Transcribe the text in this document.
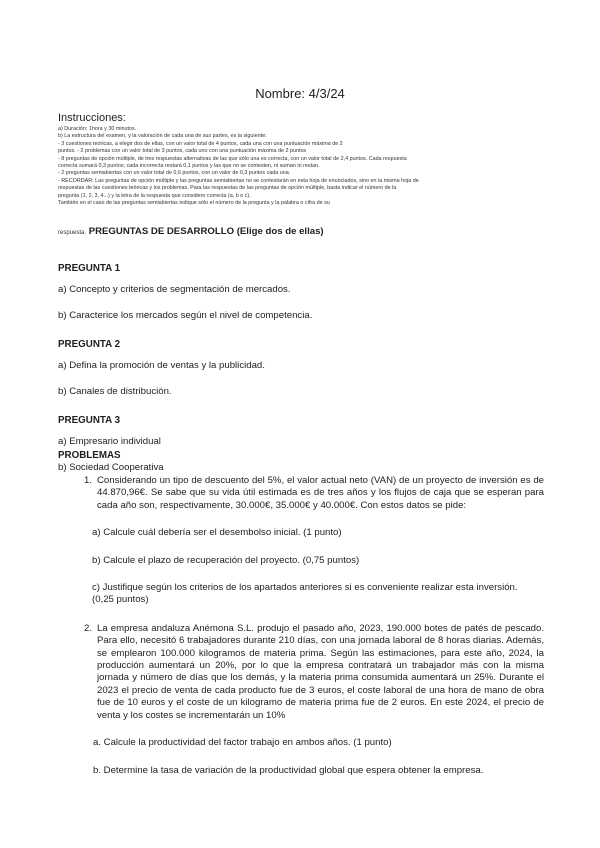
Nombre: 4/3/24
Instrucciones:
a) Duración: 1hora y 30 minutos.
b) La estructura del examen, y la valoración de cada una de sus partes, es la siguiente:
- 3 cuestiones teóricas, a elegir dos de ellas, con un valor total de 4 puntos, cada una con una puntuación máxima de 2
puntos. - 2 problemas con un valor total de 3 puntos, cada uno con una puntuación máxima de 2 puntos
- 8 preguntas de opción múltiple, de tres respuestas alternativas de las que sólo una es correcta, con un valor total de 2,4 puntos. Cada respuesta
correcta sumará 0,3 puntos; cada incorrecta restará 0,1 puntos y las que no se contesten, ni suman ni restan.
- 2 preguntas semiabiertas con un valor total de 0,6 puntos, con un valor de 0,3 puntos cada una.
- RECORDAR: Las preguntas de opción múltiple y las preguntas semiabiertas no se contestarán en esta hoja de enunciados, sino en la misma hoja de
respuestas de las cuestiones teóricas y los problemas. Para las respuestas de las preguntas de opción múltiple, basta indicar el número de la
pregunta (1, 2, 3, 4...) y la letra de la respuesta que considero correcta (a, b o c).
También en el caso de las preguntas semiabiertas indique sólo el número de la pregunta y la palabra o cifra de su
respuesta. PREGUNTAS DE DESARROLLO (Elige dos de ellas)
PREGUNTA 1
a) Concepto y criterios de segmentación de mercados.
b) Caracterice los mercados según el nivel de competencia.
PREGUNTA 2
a) Defina la promoción de ventas y la publicidad.
b) Canales de distribución.
PREGUNTA 3
a) Empresario individual
b) Sociedad Cooperativa
PROBLEMAS
1. Considerando un tipo de descuento del 5%, el valor actual neto (VAN) de un proyecto de inversión es de 44.870,96€. Se sabe que su vida útil estimada es de tres años y los flujos de caja que se esperan para cada año son, respectivamente, 30.000€, 35.000€ y 40.000€. Con estos datos se pide:
a) Calcule cuál debería ser el desembolso inicial. (1 punto)
b) Calcule el plazo de recuperación del proyecto. (0,75 puntos)
c) Justifique según los criterios de los apartados anteriores si es conveniente realizar esta inversión. (0,25 puntos)
2. La empresa andaluza Anémona S.L. produjo el pasado año, 2023, 190.000 botes de patés de pescado. Para ello, necesitó 6 trabajadores durante 210 días, con una jornada laboral de 8 horas diarias. Además, se emplearon 100.000 kilogramos de materia prima. Según las estimaciones, para este año, 2024, la producción aumentará un 20%, por lo que la empresa contratará un trabajador más con la misma jornada y número de días que los demás, y la materia prima consumida aumentará un 25%. Durante el 2023 el precio de venta de cada producto fue de 3 euros, el coste laboral de una hora de mano de obra fue de 10 euros y el coste de un kilogramo de materia prima fue de 2 euros. En este 2024, el precio de venta y los costes se incrementarán un 10%
a. Calcule la productividad del factor trabajo en ambos años. (1 punto)
b. Determine la tasa de variación de la productividad global que espera obtener la empresa.
